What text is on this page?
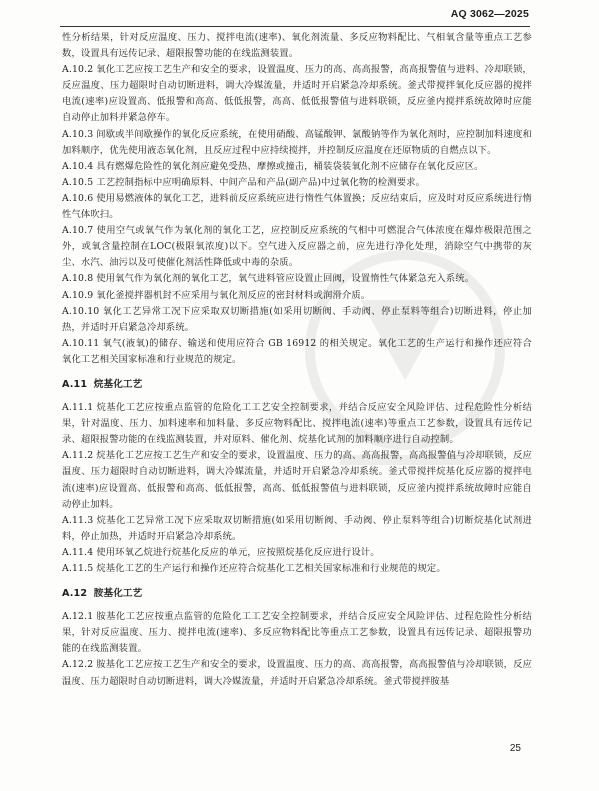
AQ 3062—2025
性分析结果，针对反应温度、压力、搅拌电流(速率)、氧化剂流量、多反应物料配比、气相氧含量等重点工艺参数，设置具有远传记录、超限报警功能的在线监测装置。
A.10.2 氧化工艺应按工艺生产和安全的要求，设置温度、压力的高、高高报警，高高报警值与进料、冷却联锁，反应温度、压力超限时自动切断进料，调大冷媒流量，并适时开启紧急冷却系统。釜式带搅拌氧化反应器的搅拌电流(速率)应设置高、低报警和高高、低低报警，高高、低低报警值与进料联锁，反应釜内搅拌系统故障时应能自动停止加料并紧急停车。
A.10.3 间歇或半间歇操作的氧化反应系统，在使用硝酸、高锰酸钾、氯酸钠等作为氧化剂时，应控制加料速度和加料顺序，优先使用液态氧化剂，且反应过程中应持续搅拌，并控制反应温度在还原物质的自燃点以下。
A.10.4 具有燃爆危险性的氧化剂应避免受热、摩擦或撞击，桶装袋装氧化剂不应储存在氧化反应区。
A.10.5 工艺控制指标中应明确原料、中间产品和产品(副产品)中过氧化物的检测要求。
A.10.6 使用易燃液体的氧化工艺，进料前反应系统应进行惰性气体置换；反应结束后，应及时对反应系统进行惰性气体吹扫。
A.10.7 使用空气或氧气作为氧化剂的氧化工艺，应控制反应系统的气相中可燃混合气体浓度在爆炸极限范围之外，或氧含量控制在LOC(极限氧浓度)以下。空气进入反应器之前，应先进行净化处理，消除空气中携带的灰尘、水汽、油污以及可使催化剂活性降低或中毒的杂质。
A.10.8 使用氧气作为氧化剂的氧化工艺，氧气进料管应设置止回阀，设置惰性气体紧急充入系统。
A.10.9 氧化釜搅拌器机封不应采用与氧化剂反应的密封材料或润滑介质。
A.10.10 氧化工艺异常工况下应采取双切断措施(如采用切断阀、手动阀、停止泵料等组合)切断进料，停止加热，并适时开启紧急冷却系统。
A.10.11 氧气(液氧)的储存、输送和使用应符合 GB 16912 的相关规定。氧化工艺的生产运行和操作还应符合氧化工艺相关国家标准和行业规范的规定。
A.11 烷基化工艺
A.11.1 烷基化工艺应按重点监管的危险化工工艺安全控制要求，并结合反应安全风险评估、过程危险性分析结果，针对温度、压力、加料速率和加料量、多反应物料配比、搅拌电流(速率)等重点工艺参数，设置具有远传记录、超限报警功能的在线监测装置，并对原料、催化剂、烷基化试剂的加料顺序进行自动控制。
A.11.2 烷基化工艺应按工艺生产和安全的要求，设置温度、压力的高、高高报警，高高报警值与冷却联锁，反应温度、压力超限时自动切断进料，调大冷媒流量，并适时开启紧急冷却系统。釜式带搅拌烷基化反应器的搅拌电流(速率)应设置高、低报警和高高、低低报警，高高、低低报警值与进料联锁，反应釜内搅拌系统故障时应能自动停止加料。
A.11.3 烷基化工艺异常工况下应采取双切断措施(如采用切断阀、手动阀、停止泵料等组合)切断烷基化试剂进料，停止加热，并适时开启紧急冷却系统。
A.11.4 使用环氧乙烷进行烷基化反应的单元，应按照烷基化反应进行设计。
A.11.5 烷基化工艺的生产运行和操作还应符合烷基化工艺相关国家标准和行业规范的规定。
A.12 胺基化工艺
A.12.1 胺基化工艺应按重点监管的危险化工工艺安全控制要求，并结合反应安全风险评估、过程危险性分析结果，针对反应温度、压力、搅拌电流(速率)、多反应物料配比等重点工艺参数，设置具有远传记录、超限报警功能的在线监测装置。
A.12.2 胺基化工艺应按工艺生产和安全的要求，设置温度、压力的高、高高报警，高高报警值与冷却联锁，反应温度、压力超限时自动切断进料，调大冷媒流量，并适时开启紧急冷却系统。釜式带搅拌胺基
25
